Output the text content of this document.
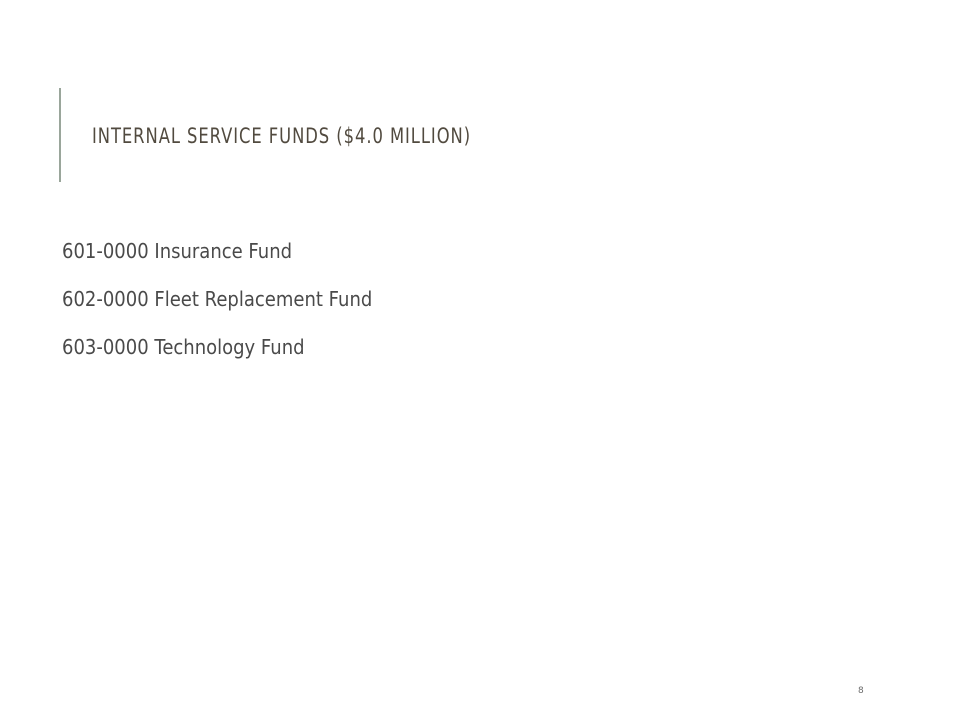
INTERNAL SERVICE FUNDS ($4.0 MILLION)
601-0000 Insurance Fund
602-0000 Fleet Replacement Fund
603-0000 Technology Fund
8
